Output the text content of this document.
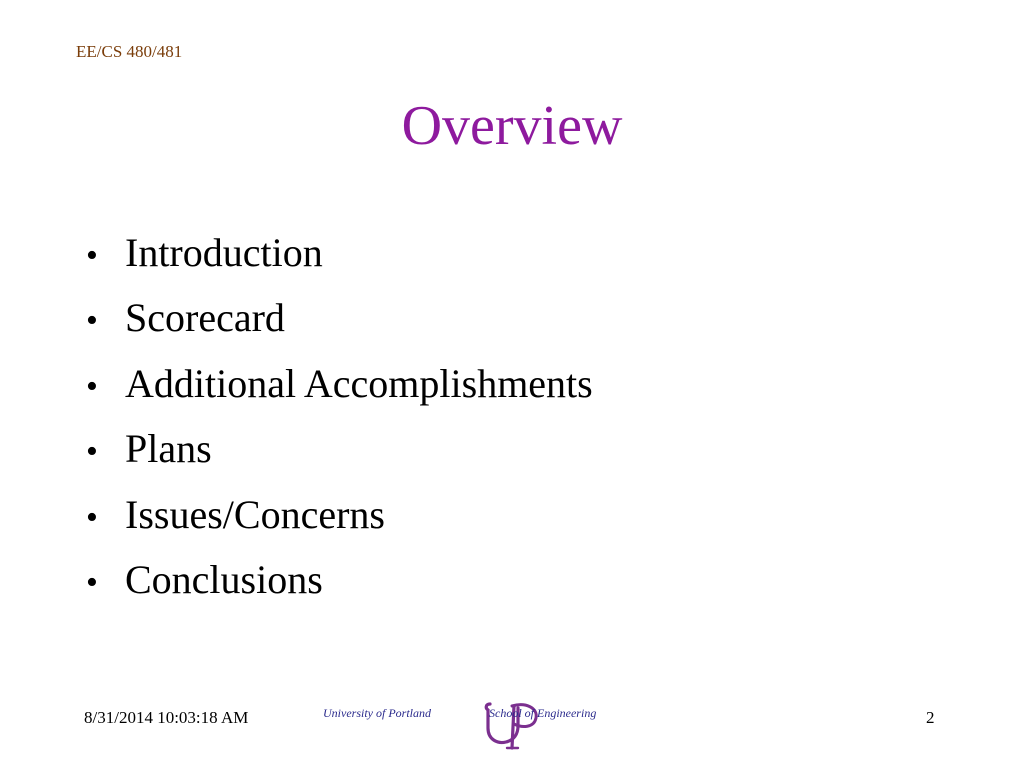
EE/CS 480/481
Overview
• Introduction
• Scorecard
• Additional Accomplishments
• Plans
• Issues/Concerns
• Conclusions
8/31/2014 10:03:18 AM	University of Portland	School of Engineering	2
